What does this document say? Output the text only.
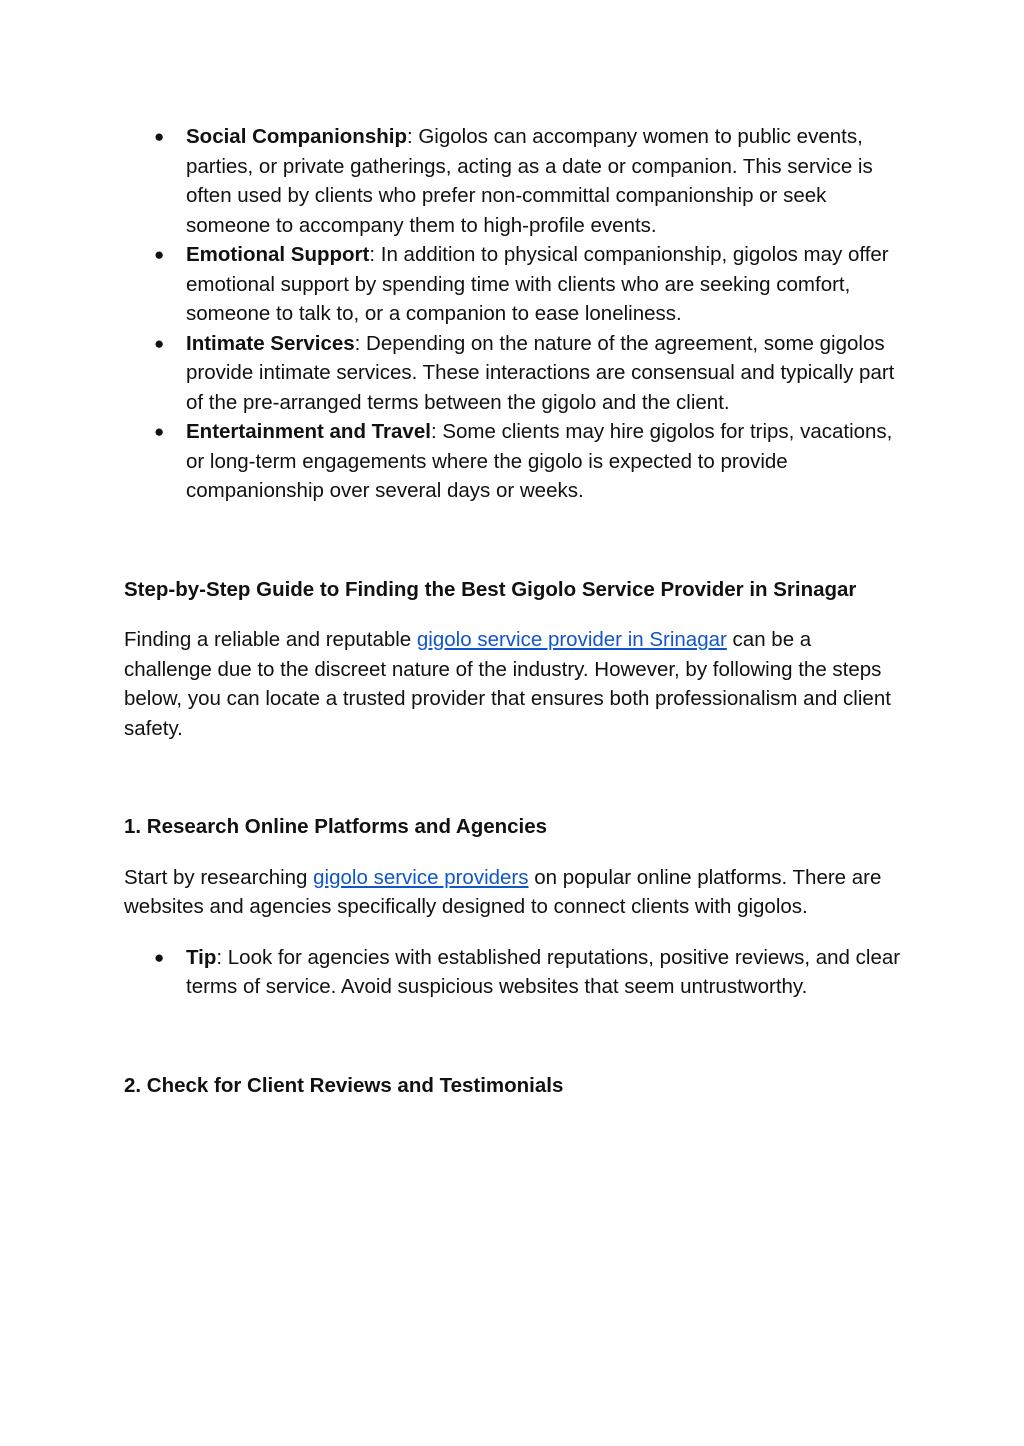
● Social Companionship: Gigolos can accompany women to public events, parties, or private gatherings, acting as a date or companion. This service is often used by clients who prefer non-committal companionship or seek someone to accompany them to high-profile events.
● Emotional Support: In addition to physical companionship, gigolos may offer emotional support by spending time with clients who are seeking comfort, someone to talk to, or a companion to ease loneliness.
● Intimate Services: Depending on the nature of the agreement, some gigolos provide intimate services. These interactions are consensual and typically part of the pre-arranged terms between the gigolo and the client.
● Entertainment and Travel: Some clients may hire gigolos for trips, vacations, or long-term engagements where the gigolo is expected to provide companionship over several days or weeks.
Step-by-Step Guide to Finding the Best Gigolo Service Provider in Srinagar

Finding a reliable and reputable gigolo service provider in Srinagar can be a challenge due to the discreet nature of the industry. However, by following the steps below, you can locate a trusted provider that ensures both professionalism and client safety.

1. Research Online Platforms and Agencies

Start by researching gigolo service providers on popular online platforms. There are websites and agencies specifically designed to connect clients with gigolos.

● Tip: Look for agencies with established reputations, positive reviews, and clear terms of service. Avoid suspicious websites that seem untrustworthy.
2. Check for Client Reviews and Testimonials
